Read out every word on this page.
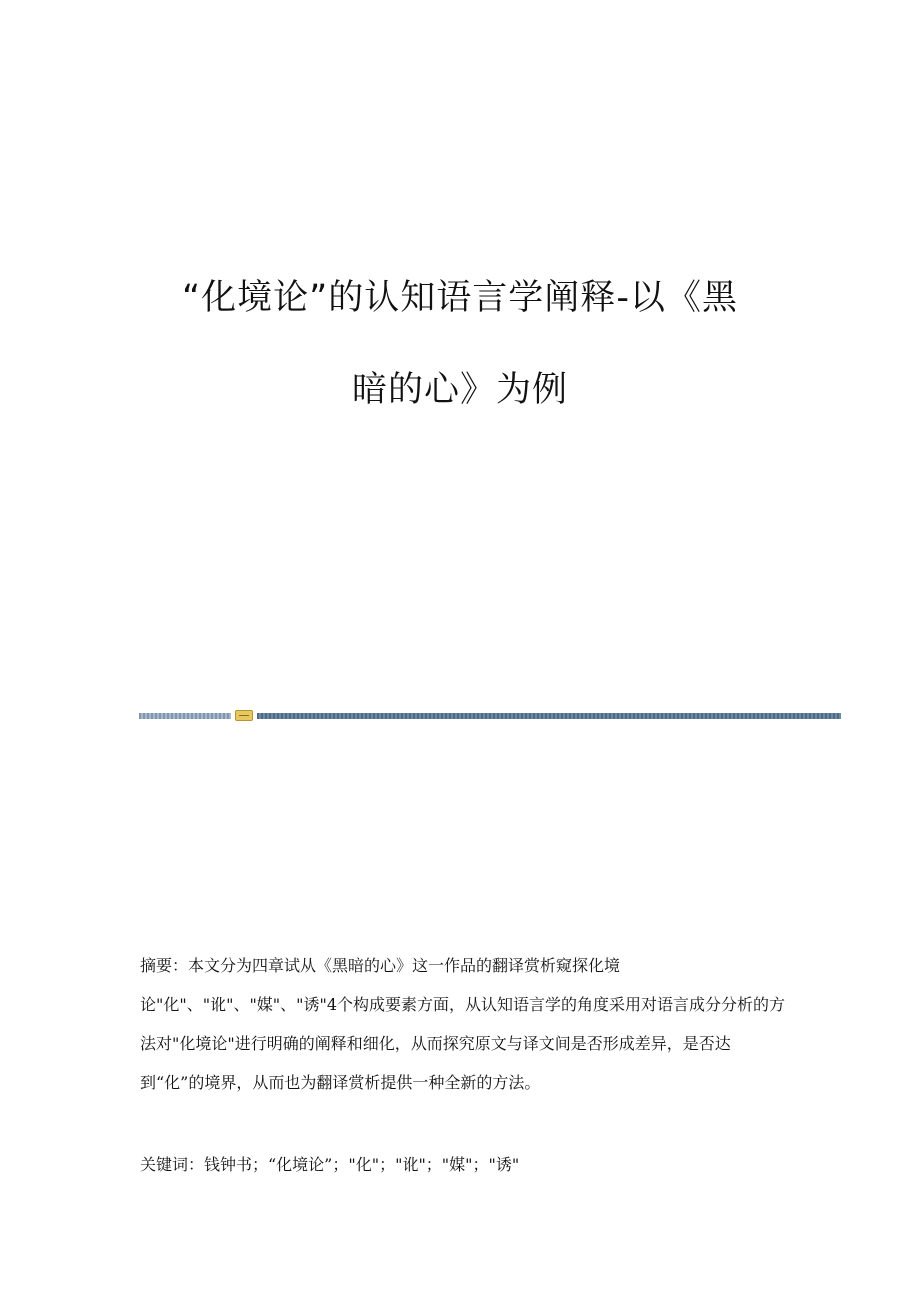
“化境论”的认知语言学阐释-以《黑
暗的心》为例

摘要：本文分为四章试从《黑暗的心》这一作品的翻译赏析窥探化境论"化"、"讹"、"媒"、"诱"4个构成要素方面，从认知语言学的角度采用对语言成分分析的方法对"化境论"进行明确的阐释和细化，从而探究原文与译文间是否形成差异，是否达到“化”的境界，从而也为翻译赏析提供一种全新的方法。

关键词：钱钟书；“化境论”；"化"；"讹"；"媒"；"诱"
